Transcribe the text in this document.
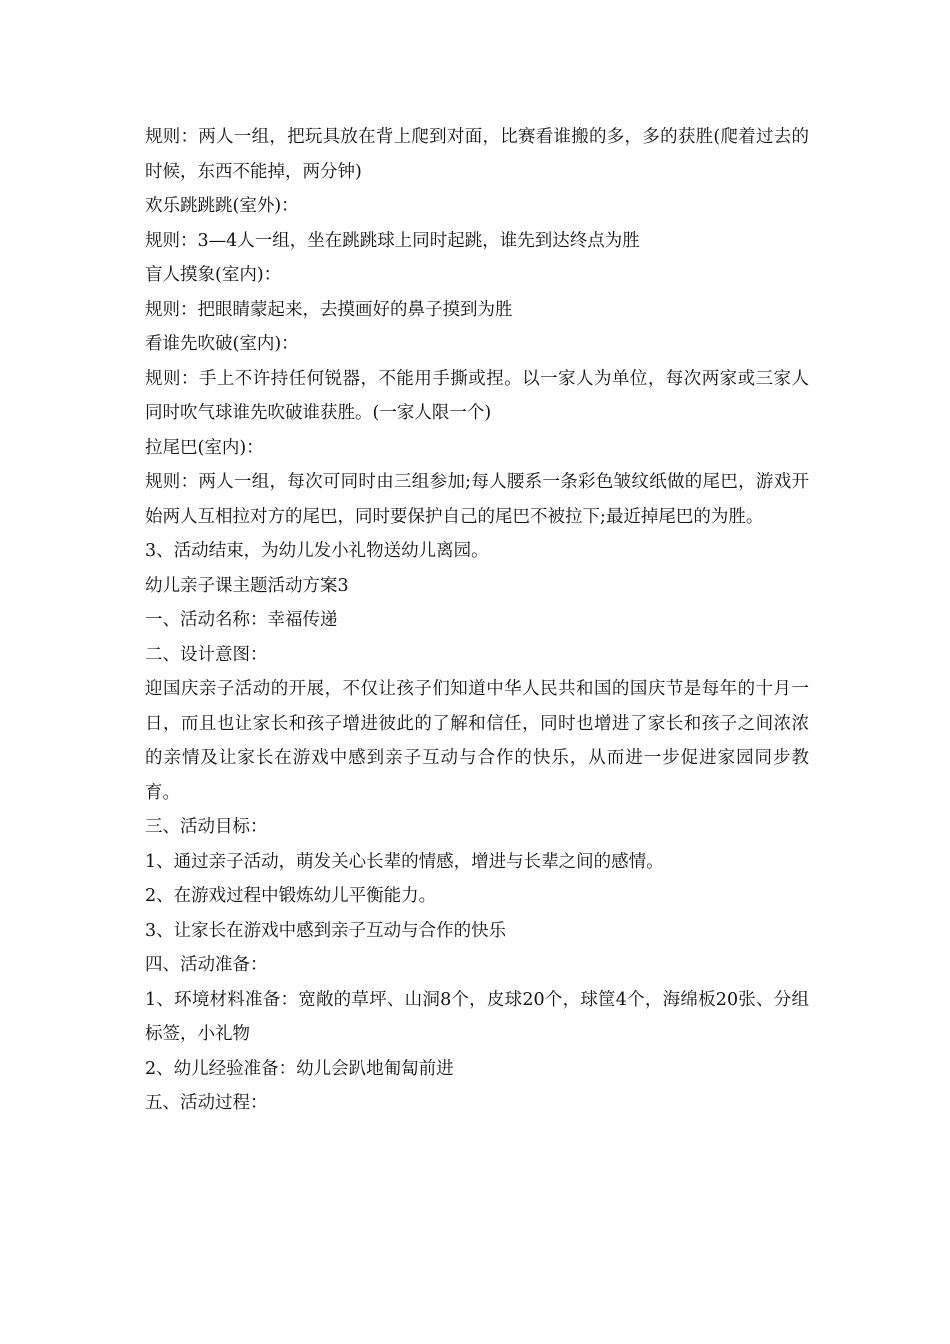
规则：两人一组，把玩具放在背上爬到对面，比赛看谁搬的多，多的获胜(爬着过去的时候，东西不能掉，两分钟)

欢乐跳跳跳(室外)：

规则：3—4人一组，坐在跳跳球上同时起跳，谁先到达终点为胜

盲人摸象(室内)：

规则：把眼睛蒙起来，去摸画好的鼻子摸到为胜

看谁先吹破(室内)：

规则：手上不许持任何锐器，不能用手撕或捏。以一家人为单位，每次两家或三家人同时吹气球谁先吹破谁获胜。(一家人限一个)

拉尾巴(室内)：

规则：两人一组，每次可同时由三组参加;每人腰系一条彩色皱纹纸做的尾巴，游戏开始两人互相拉对方的尾巴，同时要保护自己的尾巴不被拉下;最近掉尾巴的为胜。

3、活动结束，为幼儿发小礼物送幼儿离园。

幼儿亲子课主题活动方案3

一、活动名称：幸福传递

二、设计意图：

迎国庆亲子活动的开展，不仅让孩子们知道中华人民共和国的国庆节是每年的十月一日，而且也让家长和孩子增进彼此的了解和信任，同时也增进了家长和孩子之间浓浓的亲情及让家长在游戏中感到亲子互动与合作的快乐，从而进一步促进家园同步教育。

三、活动目标：

1、通过亲子活动，萌发关心长辈的情感，增进与长辈之间的感情。

2、在游戏过程中锻炼幼儿平衡能力。

3、让家长在游戏中感到亲子互动与合作的快乐

四、活动准备：

1、环境材料准备：宽敞的草坪、山洞8个，皮球20个，球筐4个，海绵板20张、分组标签，小礼物

2、幼儿经验准备：幼儿会趴地匍匐前进

五、活动过程：
